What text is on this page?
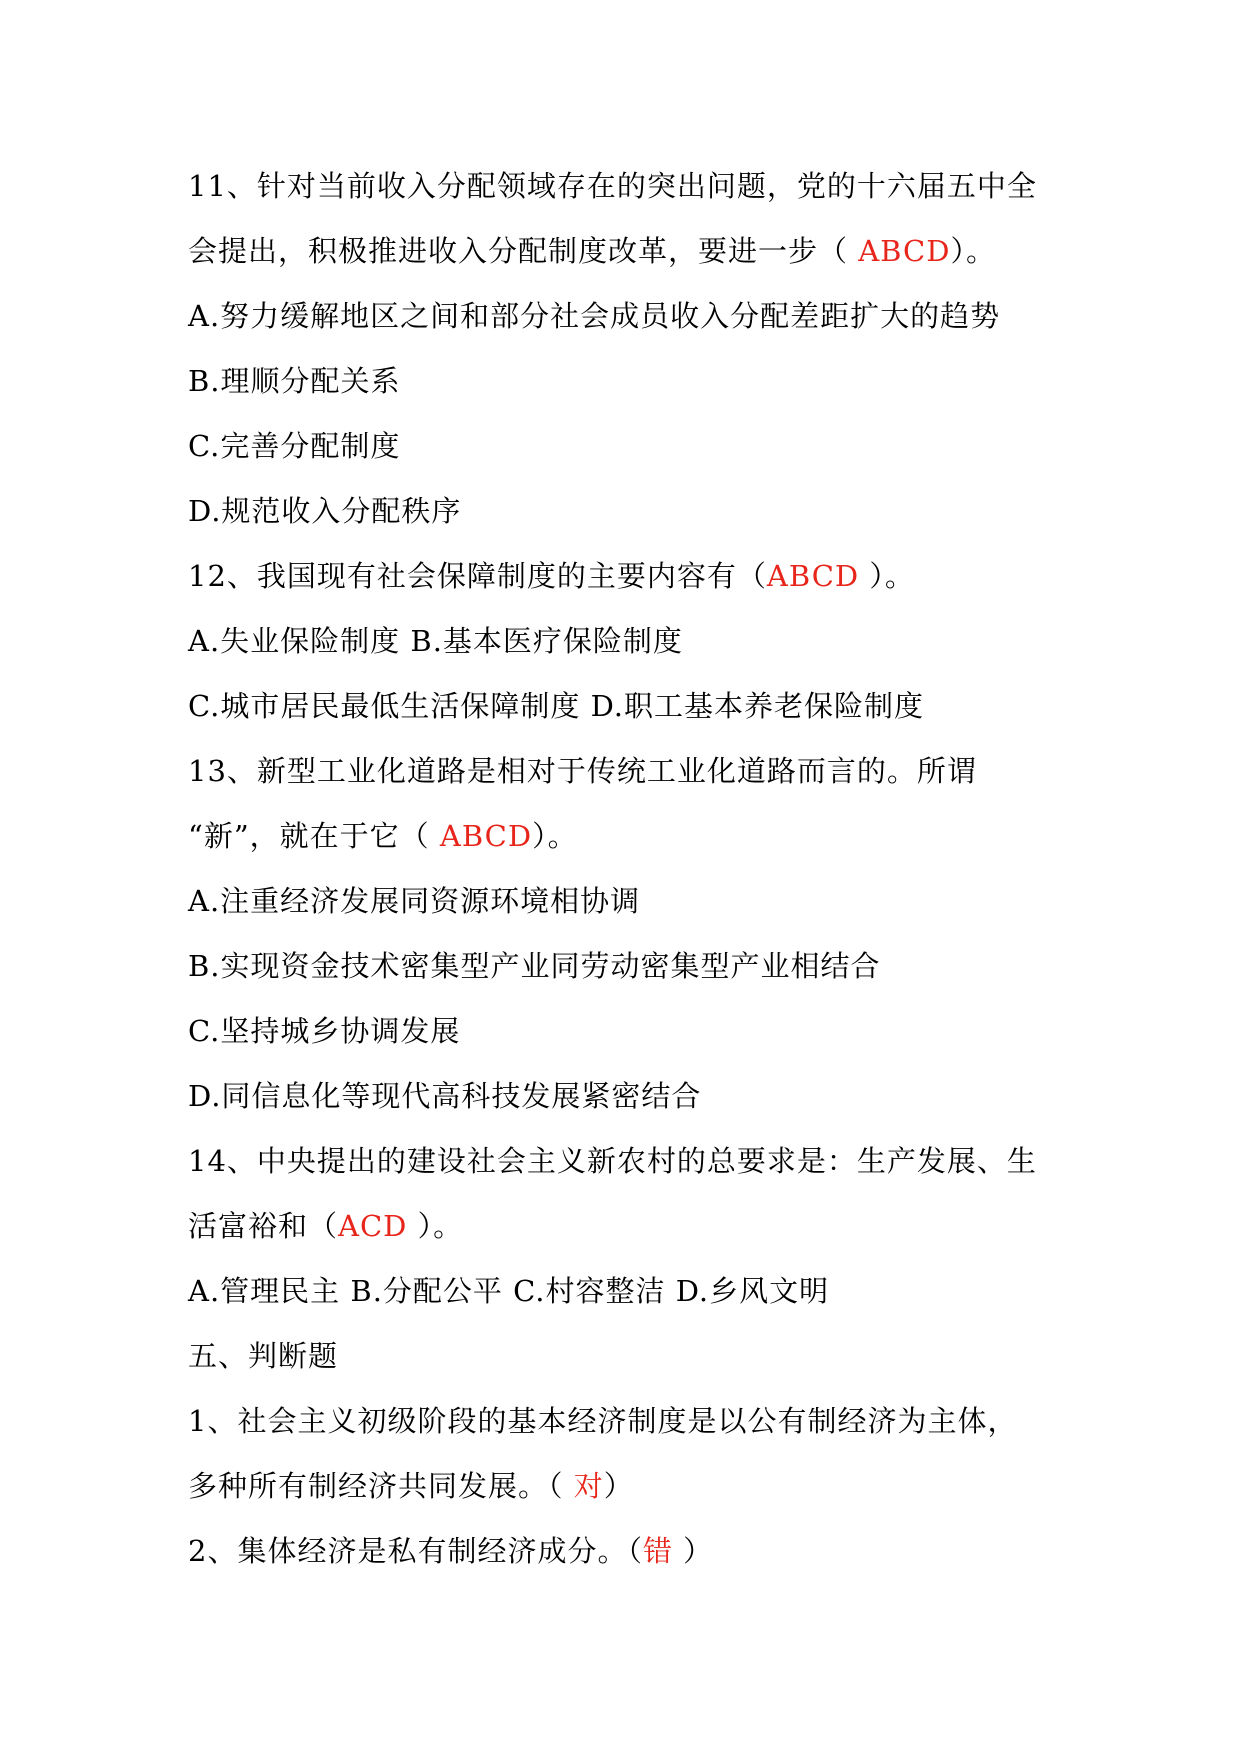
11、针对当前收入分配领域存在的突出问题，党的十六届五中全
会提出，积极推进收入分配制度改革，要进一步（ ABCD）。
A.努力缓解地区之间和部分社会成员收入分配差距扩大的趋势
B.理顺分配关系
C.完善分配制度
D.规范收入分配秩序
12、我国现有社会保障制度的主要内容有（ABCD ）。
A.失业保险制度 B.基本医疗保险制度
C.城市居民最低生活保障制度 D.职工基本养老保险制度
13、新型工业化道路是相对于传统工业化道路而言的。所谓
“新”，就在于它（ ABCD）。
A.注重经济发展同资源环境相协调
B.实现资金技术密集型产业同劳动密集型产业相结合
C.坚持城乡协调发展
D.同信息化等现代高科技发展紧密结合
14、中央提出的建设社会主义新农村的总要求是：生产发展、生
活富裕和（ACD ）。
A.管理民主 B.分配公平 C.村容整洁 D.乡风文明
五、判断题
1、社会主义初级阶段的基本经济制度是以公有制经济为主体，
多种所有制经济共同发展。（ 对）
2、集体经济是私有制经济成分。（错 ）
